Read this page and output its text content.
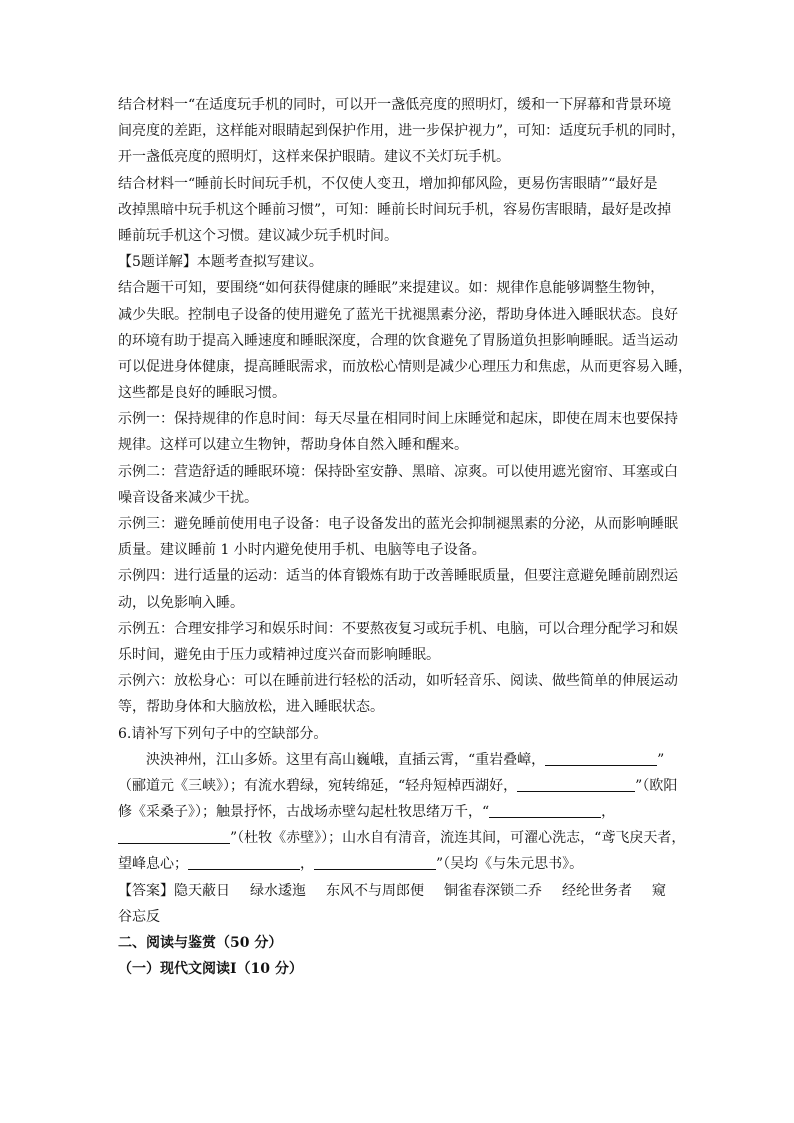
结合材料一“在适度玩手机的同时，可以开一盏低亮度的照明灯，缓和一下屏幕和背景环境
间亮度的差距，这样能对眼睛起到保护作用，进一步保护视力”，可知：适度玩手机的同时，
开一盏低亮度的照明灯，这样来保护眼睛。建议不关灯玩手机。
结合材料一“睡前长时间玩手机，不仅使人变丑，增加抑郁风险，更易伤害眼睛”“最好是
改掉黑暗中玩手机这个睡前习惯”，可知：睡前长时间玩手机，容易伤害眼睛，最好是改掉
睡前玩手机这个习惯。建议减少玩手机时间。
【5题详解】本题考查拟写建议。
结合题干可知，要围绕“如何获得健康的睡眠”来提建议。如：规律作息能够调整生物钟，
减少失眠。控制电子设备的使用避免了蓝光干扰褪黑素分泌，帮助身体进入睡眠状态。良好
的环境有助于提高入睡速度和睡眠深度，合理的饮食避免了胃肠道负担影响睡眠。适当运动
可以促进身体健康，提高睡眠需求，而放松心情则是减少心理压力和焦虑，从而更容易入睡，
这些都是良好的睡眠习惯。
示例一：保持规律的作息时间：每天尽量在相同时间上床睡觉和起床，即使在周末也要保持
规律。这样可以建立生物钟，帮助身体自然入睡和醒来。
示例二：营造舒适的睡眠环境：保持卧室安静、黑暗、凉爽。可以使用遮光窗帘、耳塞或白
噪音设备来减少干扰。
示例三：避免睡前使用电子设备：电子设备发出的蓝光会抑制褪黑素的分泌，从而影响睡眠
质量。建议睡前 1 小时内避免使用手机、电脑等电子设备。
示例四：进行适量的运动：适当的体育锻炼有助于改善睡眠质量，但要注意避免睡前剧烈运
动，以免影响入睡。
示例五：合理安排学习和娱乐时间：不要熬夜复习或玩手机、电脑，可以合理分配学习和娱
乐时间，避免由于压力或精神过度兴奋而影响睡眠。
示例六：放松身心：可以在睡前进行轻松的活动，如听轻音乐、阅读、做些简单的伸展运动
等，帮助身体和大脑放松，进入睡眠状态。
6.请补写下列句子中的空缺部分。
泱泱神州，江山多娇。这里有高山巍峨，直插云霄，“重岩叠嶂，	”
（郦道元《三峡》）；有流水碧绿，宛转绵延，“轻舟短棹西湖好，	”（欧阳
修《采桑子》）；触景抒怀，古战场赤壁勾起杜牧思绪万千，“	，
”（杜牧《赤壁》）；山水自有清音，流连其间，可濯心洗志，“鸢飞戾天者，
望峰息心；	，	”（吴均《与朱元思书》。
【答案】隐天蔽日 绿水逶迤 东风不与周郎便 铜雀春深锁二乔 经纶世务者 窥
谷忘反
二、阅读与鉴赏（50 分）
（一）现代文阅读Ⅰ（10 分）
